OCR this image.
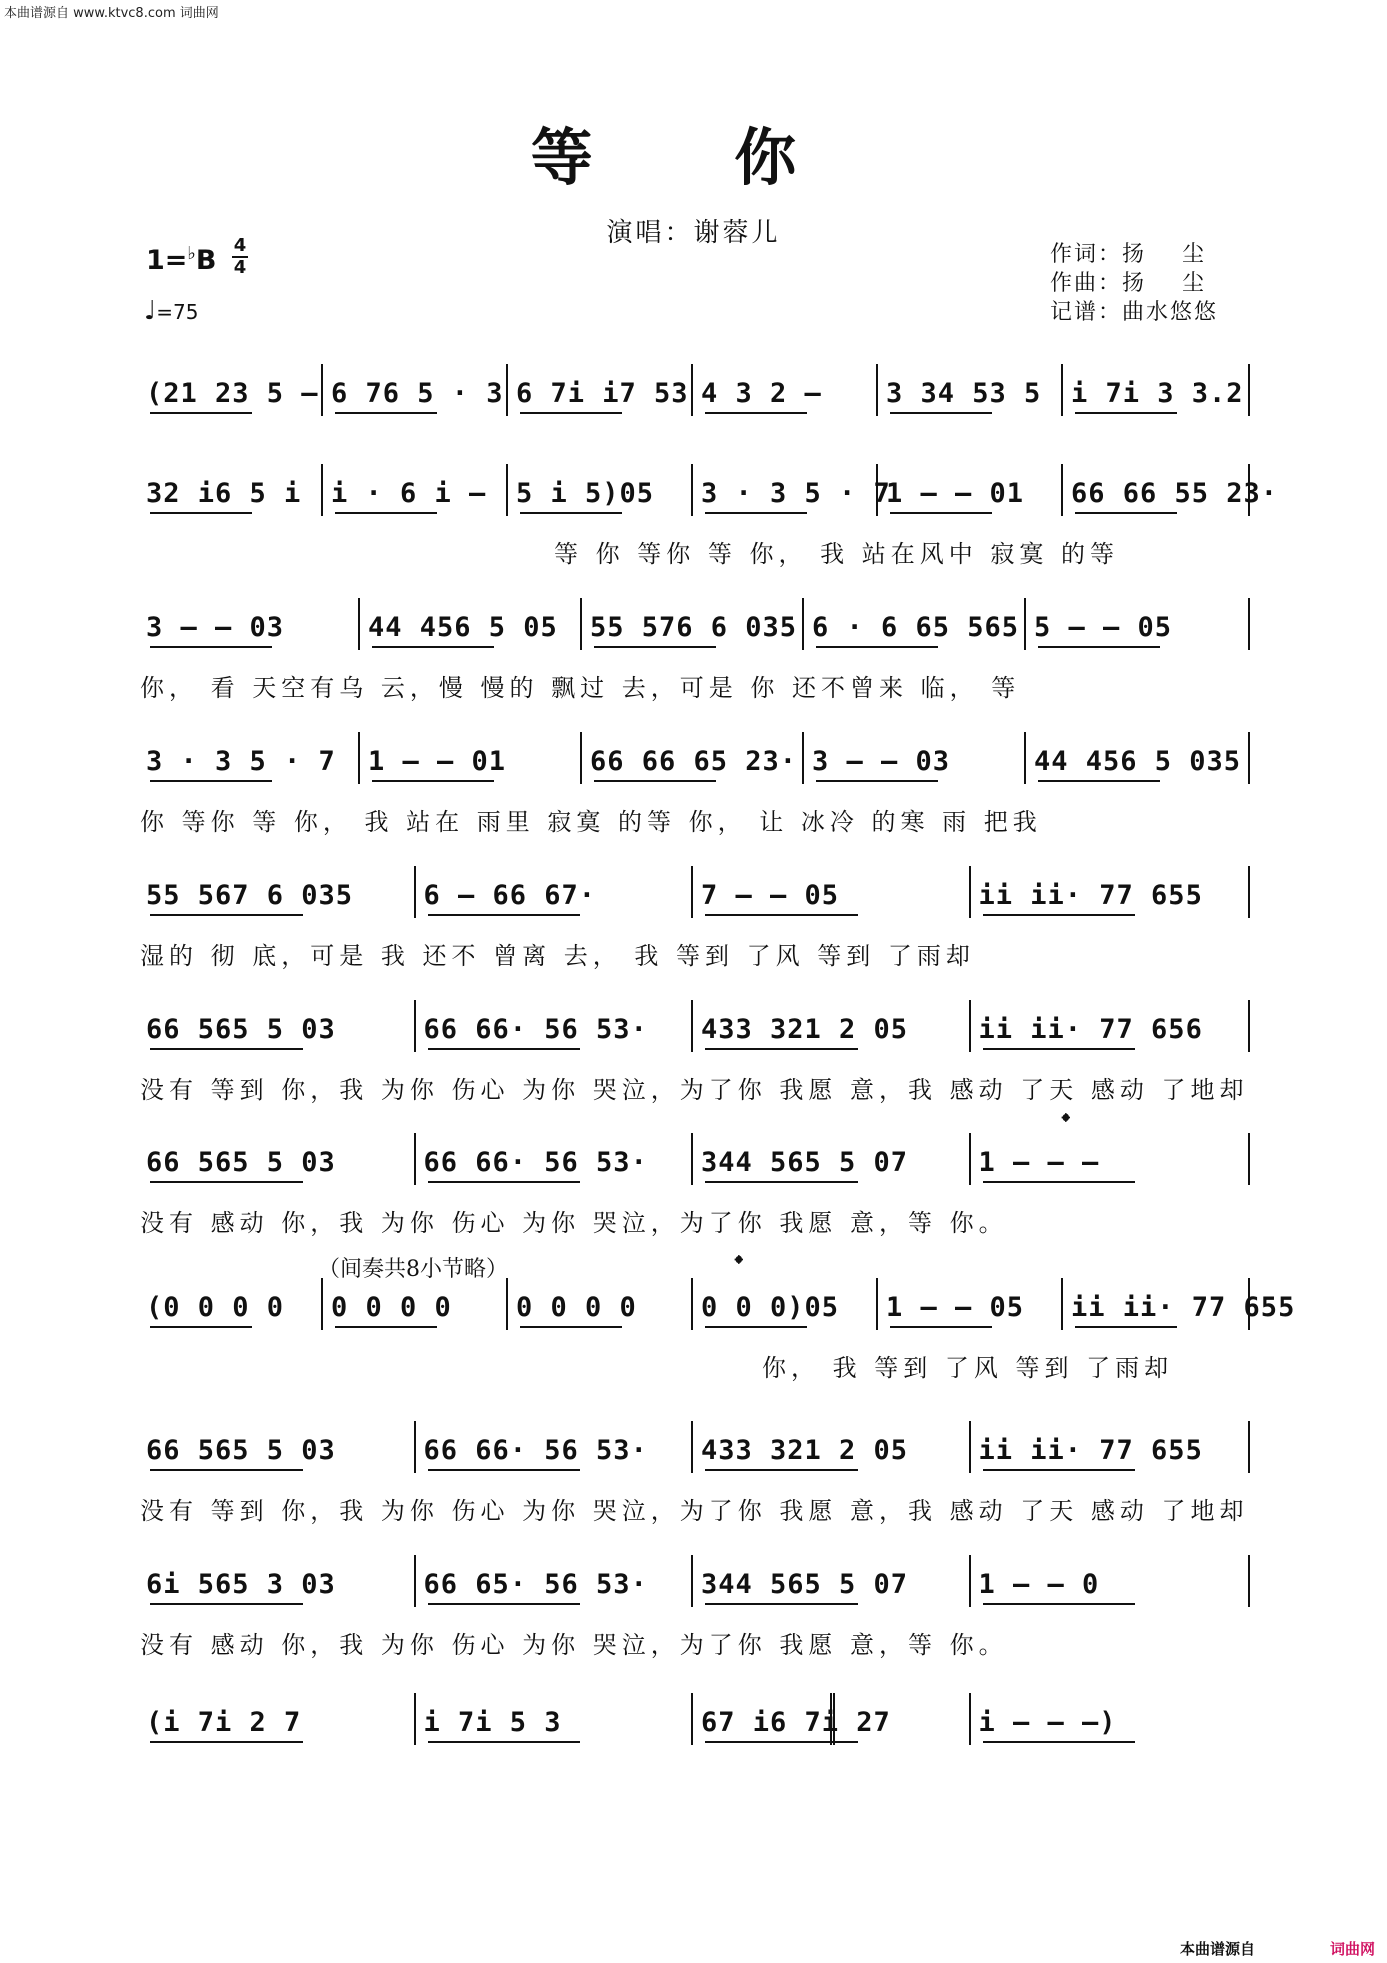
本曲谱源自 www.ktvc8.com 词曲网
等 你
演唱：谢蓉儿
1=♭B 4
4
♩=75
作词：扬    尘
作曲：扬    尘
记谱：曲水悠悠
(21 23 5 – 6 76 5 · 3 6 7i i7 53 4 3 2 – 3 34 53 5 i 7i 3 3.2
32 i6 5 i i · 6 i – 5 i 5)05 3 · 3 5 · 7
1 – – 01 66 66 55 23·
等 你 等你 等 你， 我 站在风中 寂寞 的等
3 – – 03	44 456 5 05 55 576 6 035 6 · 6 65 565 5 – – 05
你， 看 天空有乌 云，慢 慢的 飘过 去，可是 你 还不曾来 临， 等
3 · 3 5 · 7 1 – – 01	66 66 65 23· 3 – – 03	44 456 5 035
你 等你 等 你， 我 站在 雨里 寂寞 的等 你， 让 冰冷 的寒 雨 把我
55 567 6 035	6 – 66 67·	7 – – 05	ii ii· 77 655
湿的 彻 底，可是 我 还不 曾离 去， 我 等到 了风 等到 了雨却
66 565 5 03	66 66· 56 53· 433 321 2 05	ii ii· 77 656
没有 等到 你，我 为你 伤心 为你 哭泣，为了你 我愿 意，我 感动 了天 感动 了地却
66 565 5 03	66 66· 56 53· 344 565 5 07	1 – – –
没有 感动 你，我 为你 伤心 为你 哭泣，为了你 我愿 意，等 你。
(0 0 0 0 0 0 0 0 0 0 0 0 0 0 0)05 1 – – 05 ii ii· 77 655
你， 我 等到 了风 等到 了雨却
66 565 5 03	66 66· 56 53· 433 321 2 05	ii ii· 77 655
没有 等到 你，我 为你 伤心 为你 哭泣，为了你 我愿 意，我 感动 了天 感动 了地却
6i 565 3 03	66 65· 56 53· 344 565 5 07	1 – – 0
没有 感动 你，我 为你 伤心 为你 哭泣，为了你 我愿 意，等 你。
(i 7i 2 7	i 7i 5 3	67 i6 7i 27	i – – –)
（间奏共8小节略）
𝄌
𝄌
本曲谱源自	词曲网
